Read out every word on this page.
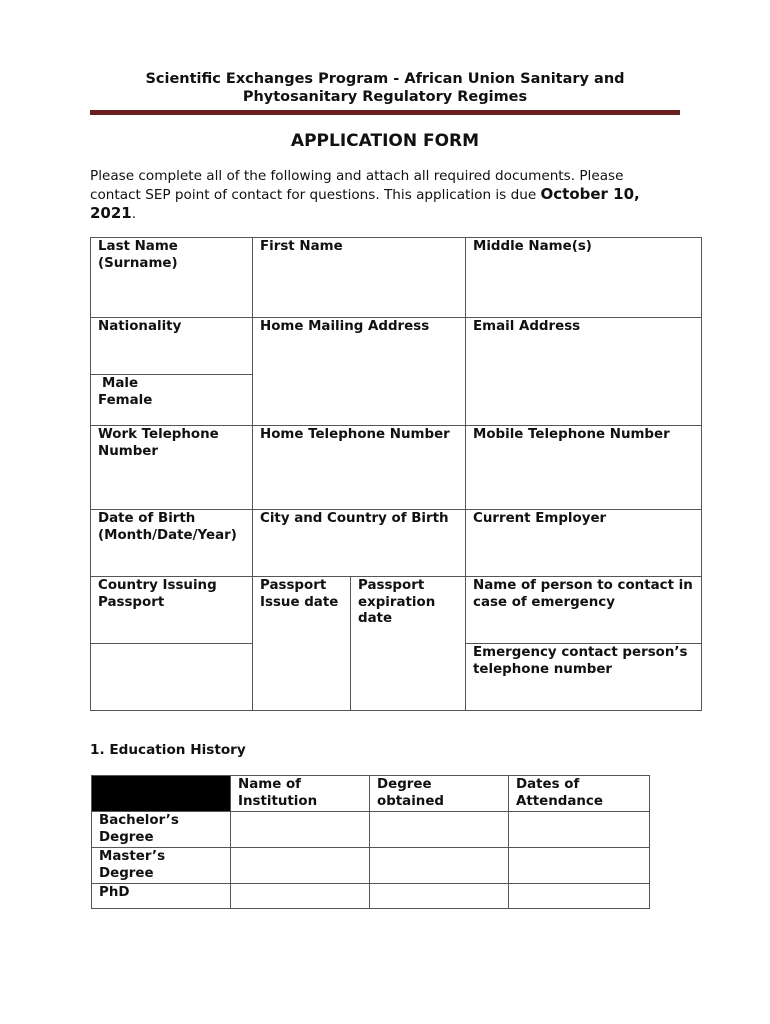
Scientific Exchanges Program - African Union Sanitary and
Phytosanitary Regulatory Regimes
APPLICATION FORM
Please complete all of the following and attach all required documents. Please contact SEP point of contact for questions. This application is due October 10, 2021.
Last Name (Surname)	First Name		Middle Name(s)
Nationality	Home Mailing Address		Email Address
Male
Female			
Work Telephone Number	Home Telephone Number		Mobile Telephone Number
Date of Birth (Month/Date/Year)	City and Country of Birth		Current Employer
Country Issuing Passport	Passport Issue date	Passport expiration date	Name of person to contact in case of emergency
			Emergency contact person’s telephone number
1. Education History
	Name of Institution	Degree obtained	Dates of Attendance
Bachelor’s Degree			
Master’s Degree			
PhD			
